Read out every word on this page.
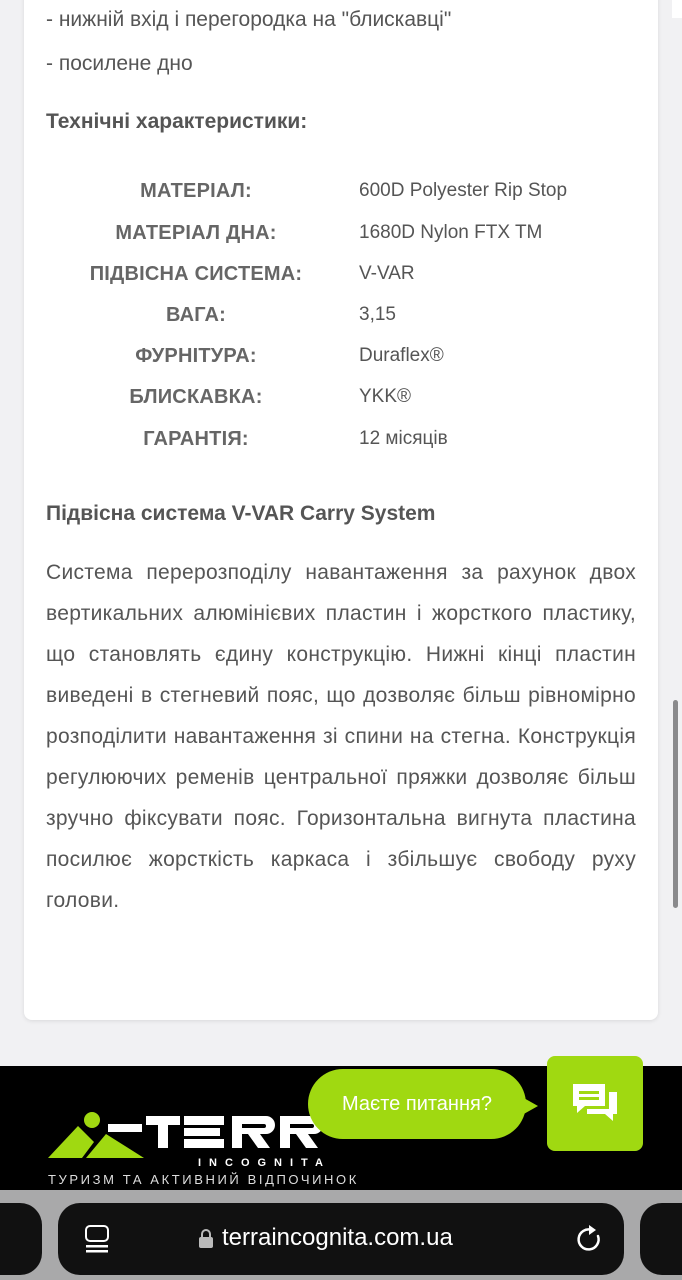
- нижній вхід і перегородка на "блискавці"
- посилене дно
Технічні характеристики:
МАТЕРІАЛ:	600D Polyester Rip Stop
МАТЕРІАЛ ДНА:	1680D Nylon FTX TM
ПІДВІСНА СИСТЕМА:	V-VAR
ВАГА:	3,15
ФУРНІТУРА:	Duraflex®
БЛИСКАВКА:	YKK®
ГАРАНТІЯ:	12 місяців
Підвісна система V-VAR Carry System

Система перерозподілу навантаження за рахунок двох вертикальних алюмінієвих пластин і жорсткого пластику, що становлять єдину конструкцію. Нижні кінці пластин виведені в стегневий пояс, що дозволяє більш рівномірно розподілити навантаження зі спини на стегна. Конструкція регулюючих ременів центральної пряжки дозволяє більш зручно фіксувати пояс. Горизонтальна вигнута пластина посилює жорсткість каркаса і збільшує свободу руху голови.

INCOGNITA
ТУРИЗМ ТА АКТИВНИЙ ВІДПОЧИНОК
Маєте питання?
terraincognita.com.ua
